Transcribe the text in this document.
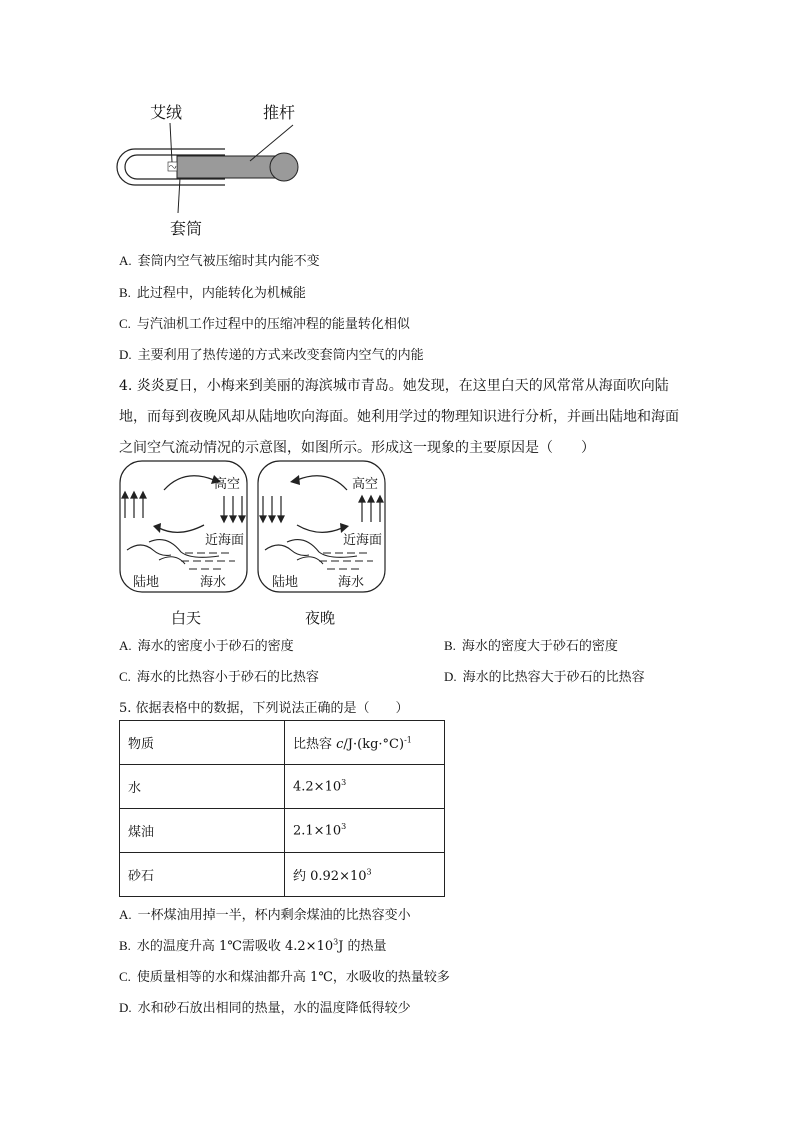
艾绒	推杆
套筒
A. 套筒内空气被压缩时其内能不变
B. 此过程中，内能转化为机械能
C. 与汽油机工作过程中的压缩冲程的能量转化相似
D. 主要利用了热传递的方式来改变套筒内空气的内能
4. 炎炎夏日，小梅来到美丽的海滨城市青岛。她发现，在这里白天的风常常从海面吹向陆
地，而每到夜晚风却从陆地吹向海面。她利用学过的物理知识进行分析，并画出陆地和海面
之间空气流动情况的示意图，如图所示。形成这一现象的主要原因是（　　）
高空
近海面
陆地	海水
白天
高空
近海面
陆地	海水
夜晚
A. 海水的密度小于砂石的密度	B. 海水的密度大于砂石的密度
C. 海水的比热容小于砂石的比热容	D. 海水的比热容大于砂石的比热容
5. 依据表格中的数据，下列说法正确的是（　　）
物质	比热容 $c/J\cdot(kg\cdot^\circ C)^{-1}$
水	$4.2\times 10^3$
煤油	$2.1\times 10^3$
砂石	约 $0.92\times 10^3$
A. 一杯煤油用掉一半，杯内剩余煤油的比热容变小
B. 水的温度升高 1℃需吸收 $4.2\times 10^3J$ 的热量
C. 使质量相等的水和煤油都升高 1℃，水吸收的热量较多
D. 水和砂石放出相同的热量，水的温度降低得较少
